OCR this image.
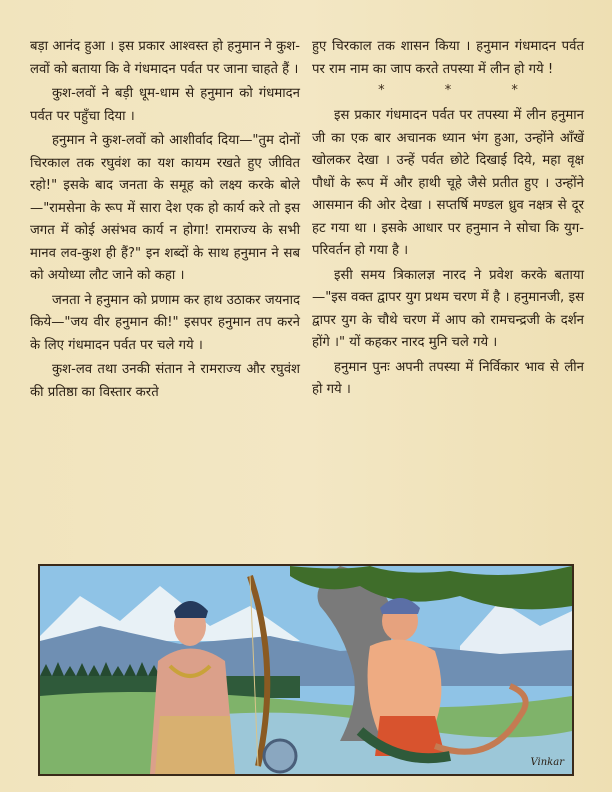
बड़ा आनंद हुआ । इस प्रकार आश्वस्त हो हनुमान ने कुश-लवों को बताया कि वे गंधमादन पर्वत पर जाना चाहते हैं ।

कुश-लवों ने बड़ी धूम-धाम से हनुमान को गंधमादन पर्वत पर पहुँचा दिया ।

हनुमान ने कुश-लवों को आशीर्वाद दिया—"तुम दोनों चिरकाल तक रघुवंश का यश कायम रखते हुए जीवित रहो!" इसके बाद जनता के समूह को लक्ष्य करके बोले—"रामसेना के रूप में सारा देश एक हो कार्य करे तो इस जगत में कोई असंभव कार्य न होगा! रामराज्य के सभी मानव लव-कुश ही हैं?" इन शब्दों के साथ हनुमान ने सब को अयोध्या लौट जाने को कहा ।

जनता ने हनुमान को प्रणाम कर हाथ उठाकर जयनाद किये—"जय वीर हनुमान की!" इसपर हनुमान तप करने के लिए गंधमादन पर्वत पर चले गये ।

कुश-लव तथा उनकी संतान ने रामराज्य और रघुवंश की प्रतिष्ठा का विस्तार करते

हुए चिरकाल तक शासन किया । हनुमान गंधमादन पर्वत पर राम नाम का जाप करते तपस्या में लीन हो गये !

*	*	*

इस प्रकार गंधमादन पर्वत पर तपस्या में लीन हनुमान जी का एक बार अचानक ध्यान भंग हुआ, उन्होंने आँखें खोलकर देखा । उन्हें पर्वत छोटे दिखाई दिये, महा वृक्ष पौधों के रूप में और हाथी चूहे जैसे प्रतीत हुए । उन्होंने आसमान की ओर देखा । सप्तर्षि मण्डल ध्रुव नक्षत्र से दूर हट गया था । इसके आधार पर हनुमान ने सोचा कि युग-परिवर्तन हो गया है ।

इसी समय त्रिकालज्ञ नारद ने प्रवेश करके बताया—"इस वक्त द्वापर युग प्रथम चरण में है । हनुमानजी, इस द्वापर युग के चौथे चरण में आप को रामचन्द्रजी के दर्शन होंगे ।" यों कहकर नारद मुनि चले गये ।

हनुमान पुनः अपनी तपस्या में निर्विकार भाव से लीन हो गये ।

Vinkar
